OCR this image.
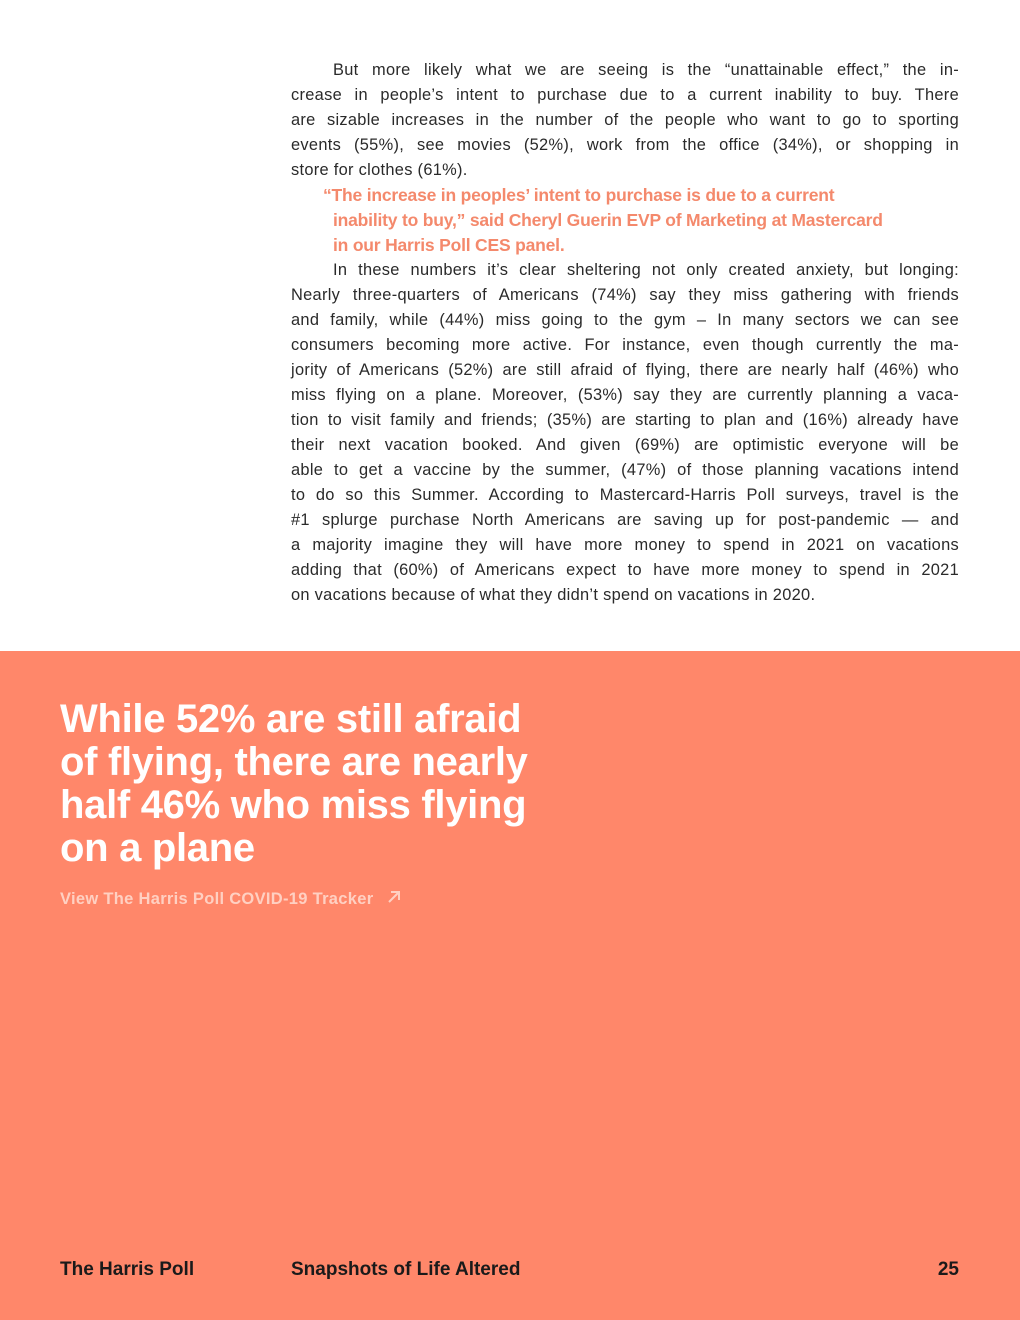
But more likely what we are seeing is the “unattainable effect,” the in-
crease in people’s intent to purchase due to a current inability to buy. There
are sizable increases in the number of the people who want to go to sporting
events (55%), see movies (52%), work from the office (34%), or shopping in
store for clothes (61%).
“The increase in peoples’ intent to purchase is due to a current
inability to buy,” said Cheryl Guerin EVP of Marketing at Mastercard
in our Harris Poll CES panel.
In these numbers it’s clear sheltering not only created anxiety, but longing:
Nearly three-quarters of Americans (74%) say they miss gathering with friends
and family, while (44%) miss going to the gym – In many sectors we can see
consumers becoming more active. For instance, even though currently the ma-
jority of Americans (52%) are still afraid of flying, there are nearly half (46%) who
miss flying on a plane. Moreover, (53%) say they are currently planning a vaca-
tion to visit family and friends; (35%) are starting to plan and (16%) already have
their next vacation booked. And given (69%) are optimistic everyone will be
able to get a vaccine by the summer, (47%) of those planning vacations intend
to do so this Summer. According to Mastercard-Harris Poll surveys, travel is the
#1 splurge purchase North Americans are saving up for post-pandemic — and
a majority imagine they will have more money to spend in 2021 on vacations
adding that (60%) of Americans expect to have more money to spend in 2021
on vacations because of what they didn’t spend on vacations in 2020.
While 52% are still afraid
of flying, there are nearly
half 46% who miss flying
on a plane
View The Harris Poll COVID-19 Tracker
The Harris Poll	Snapshots of Life Altered	25
